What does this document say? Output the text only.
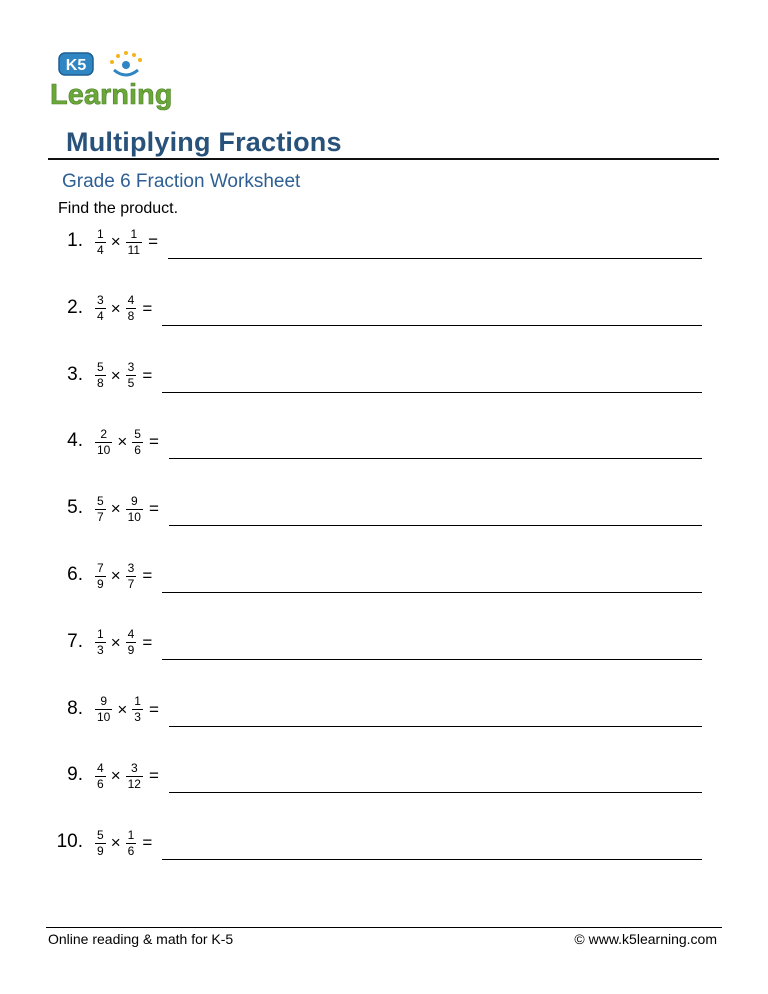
K5
Learning
Multiplying Fractions
Grade 6 Fraction Worksheet
Find the product.
1. $\frac{1}{4} \times \frac{1}{11}$ =
2. $\frac{3}{4} \times \frac{4}{8}$ =
3. $\frac{5}{8} \times \frac{3}{5}$ =
4. $\frac{2}{10} \times \frac{5}{6}$ =
5. $\frac{5}{7} \times \frac{9}{10}$ =
6. $\frac{7}{9} \times \frac{3}{7}$ =
7. $\frac{1}{3} \times \frac{4}{9}$ =
8. $\frac{9}{10} \times \frac{1}{3}$ =
9. $\frac{4}{6} \times \frac{3}{12}$ =
10. $\frac{5}{9} \times \frac{1}{6}$ =
Online reading & math for K-5	© www.k5learning.com
